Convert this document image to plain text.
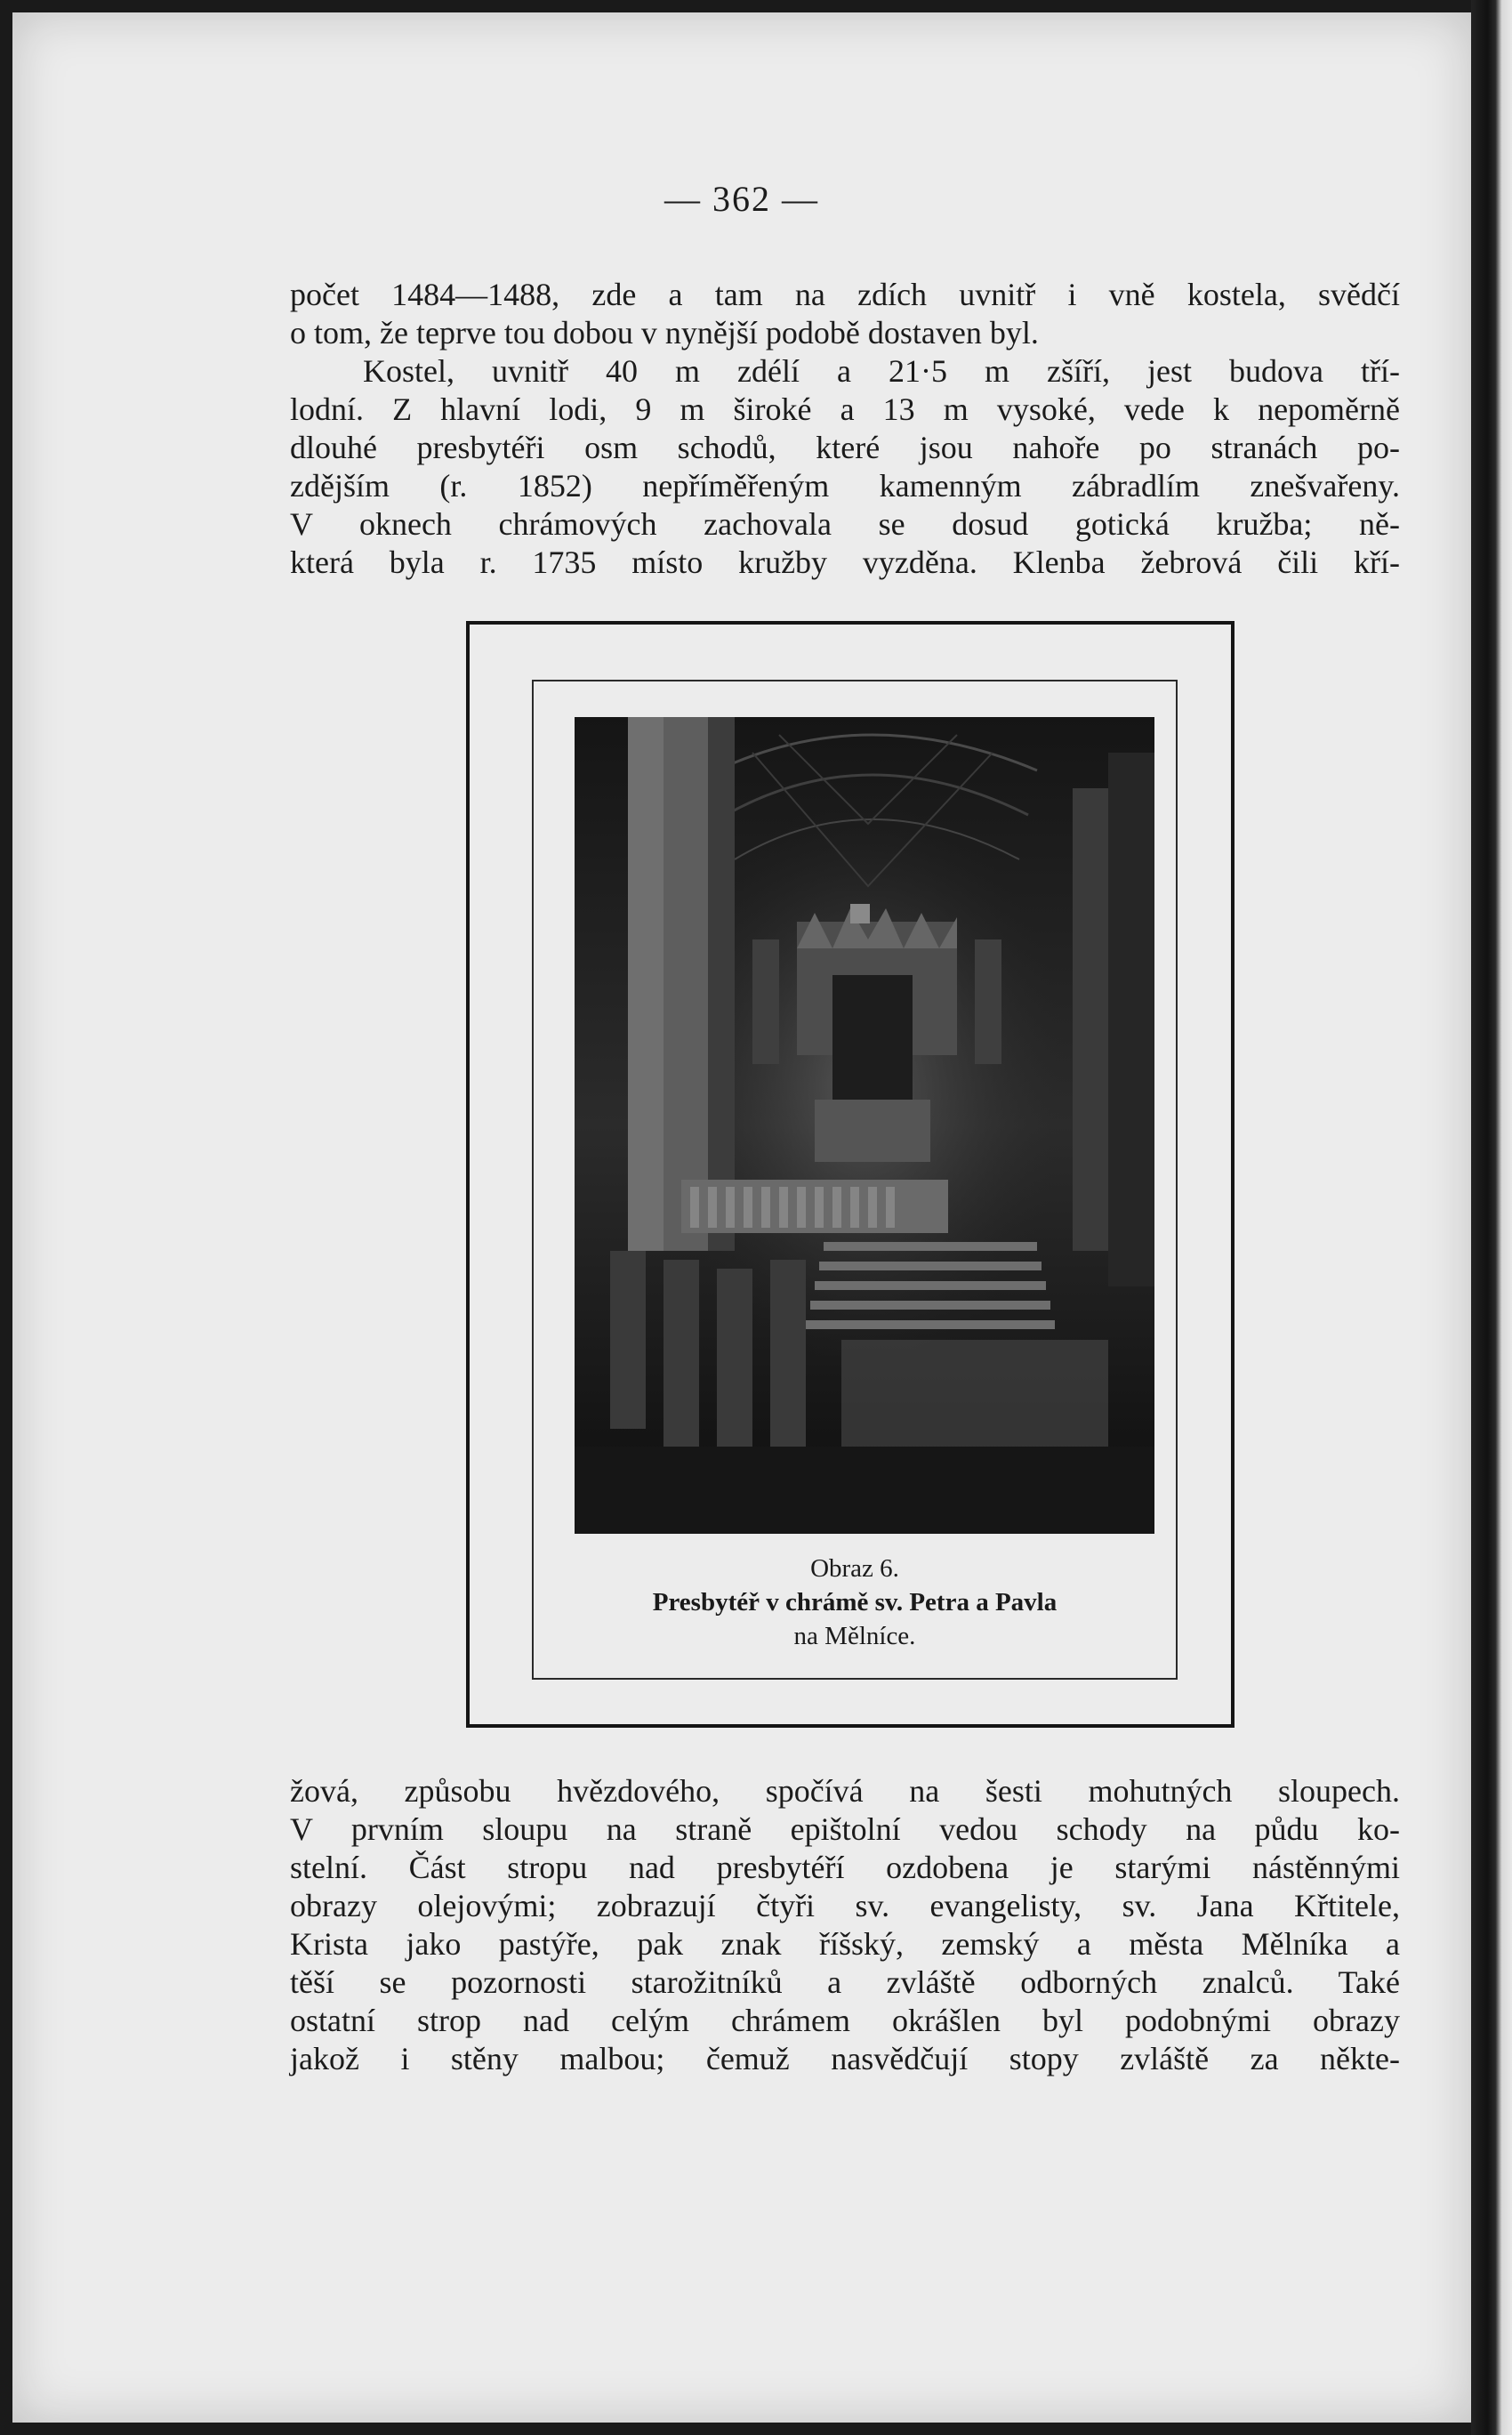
— 362 —
počet 1484—1488, zde a tam na zdích uvnitř i vně kostela, svědčí
o tom, že teprve tou dobou v nynější podobě dostaven byl.
Kostel, uvnitř 40 m zdélí a 21·5 m zšíří, jest budova tří-
lodní. Z hlavní lodi, 9 m široké a 13 m vysoké, vede k nepoměrně
dlouhé presbytéři osm schodů, které jsou nahoře po stranách po-
zdějším (r. 1852) nepříměřeným kamenným zábradlím znešvařeny.
V oknech chrámových zachovala se dosud gotická kružba; ně-
která byla r. 1735 místo kružby vyzděna. Klenba žebrová čili kří-
Obraz 6.
Presbytéř v chrámě sv. Petra a Pavla
na Mělníce.
žová, způsobu hvězdového, spočívá na šesti mohutných sloupech.
V prvním sloupu na straně epištolní vedou schody na půdu ko-
stelní. Část stropu nad presbytéří ozdobena je starými nástěnnými
obrazy olejovými; zobrazují čtyři sv. evangelisty, sv. Jana Křtitele,
Krista jako pastýře, pak znak říšský, zemský a města Mělníka a
těší se pozornosti starožitníků a zvláště odborných znalců. Také
ostatní strop nad celým chrámem okrášlen byl podobnými obrazy
jakož i stěny malbou; čemuž nasvědčují stopy zvláště za někte-
